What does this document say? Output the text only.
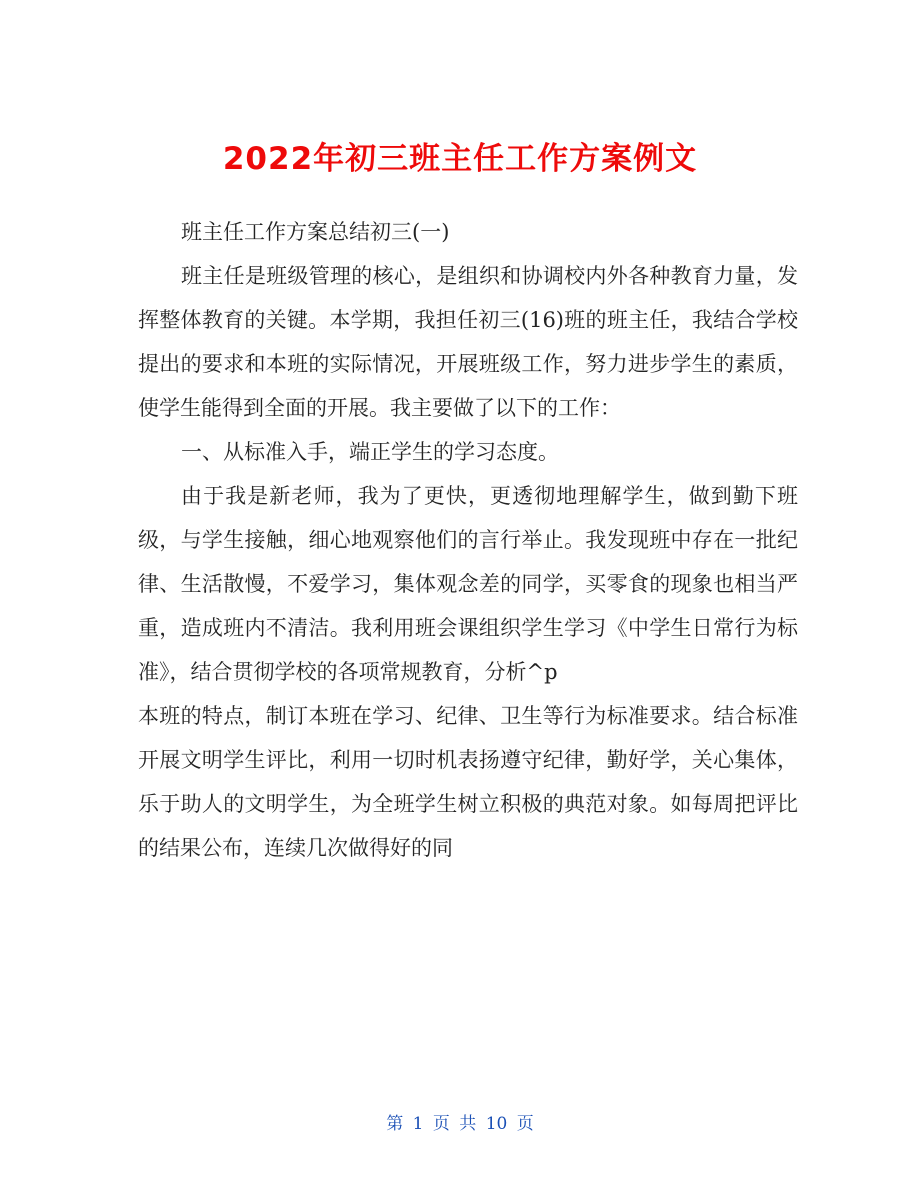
2022年初三班主任工作方案例文

班主任工作方案总结初三(一)

班主任是班级管理的核心，是组织和协调校内外各种教育力量，发挥整体教育的关键。本学期，我担任初三(16)班的班主任，我结合学校提出的要求和本班的实际情况，开展班级工作，努力进步学生的素质，使学生能得到全面的开展。我主要做了以下的工作：

一、从标准入手，端正学生的学习态度。

由于我是新老师，我为了更快，更透彻地理解学生，做到勤下班级，与学生接触，细心地观察他们的言行举止。我发现班中存在一批纪律、生活散慢，不爱学习，集体观念差的同学，买零食的现象也相当严重，造成班内不清洁。我利用班会课组织学生学习《中学生日常行为标准》，结合贯彻学校的各项常规教育，分析^p

本班的特点，制订本班在学习、纪律、卫生等行为标准要求。结合标准开展文明学生评比，利用一切时机表扬遵守纪律，勤好学，关心集体，乐于助人的文明学生，为全班学生树立积极的典范对象。如每周把评比的结果公布，连续几次做得好的同

第 1 页 共 10 页
